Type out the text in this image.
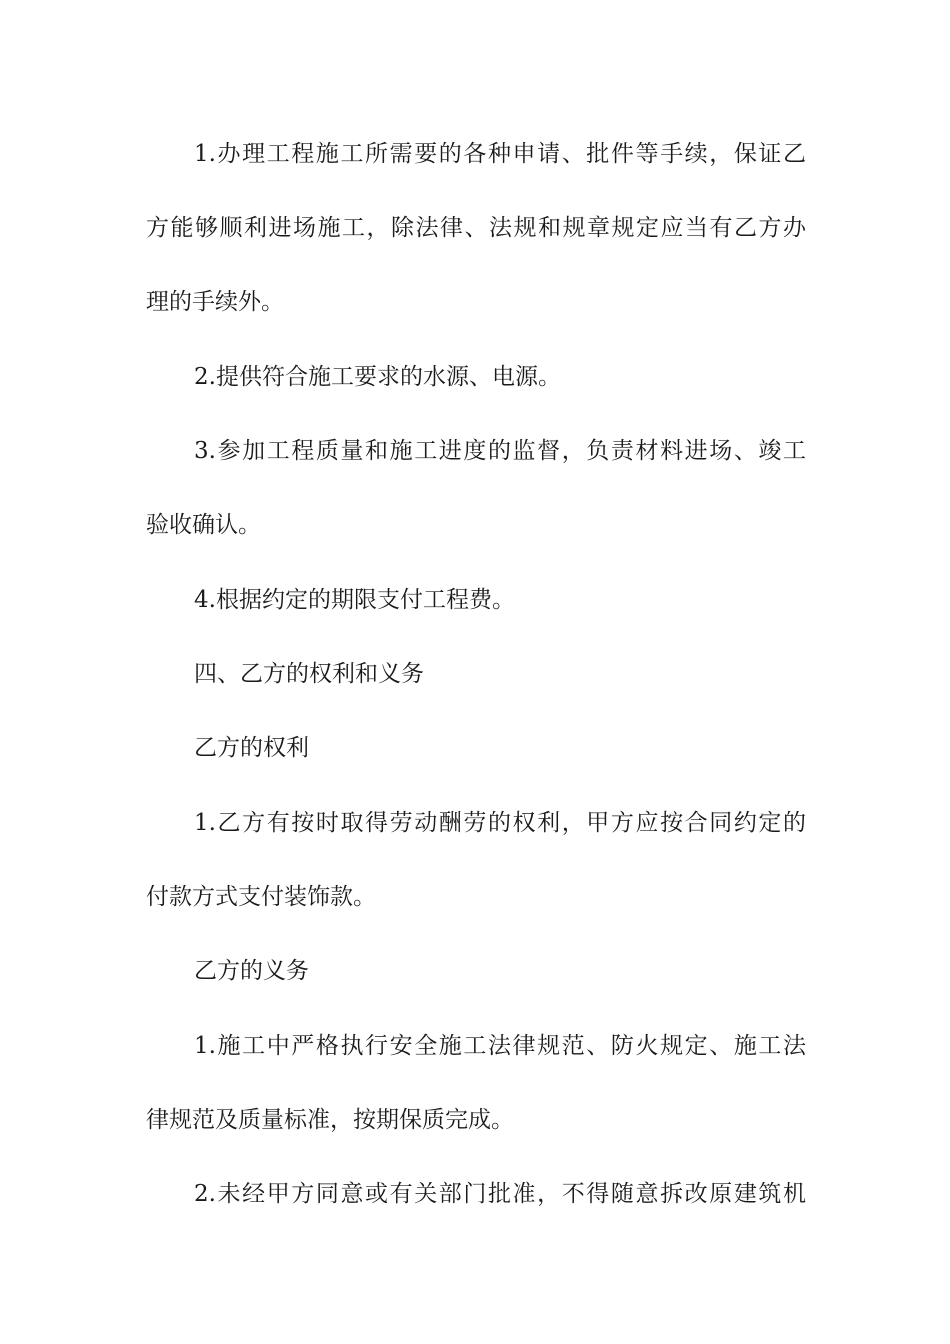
1.办理工程施工所需要的各种申请、批件等手续，保证乙
方能够顺利进场施工，除法律、法规和规章规定应当有乙方办
理的手续外。
2.提供符合施工要求的水源、电源。
3.参加工程质量和施工进度的监督，负责材料进场、竣工
验收确认。
4.根据约定的期限支付工程费。
四、乙方的权利和义务
乙方的权利
1.乙方有按时取得劳动酬劳的权利，甲方应按合同约定的
付款方式支付装饰款。
乙方的义务
1.施工中严格执行安全施工法律规范、防火规定、施工法
律规范及质量标准，按期保质完成。
2.未经甲方同意或有关部门批准，不得随意拆改原建筑机
